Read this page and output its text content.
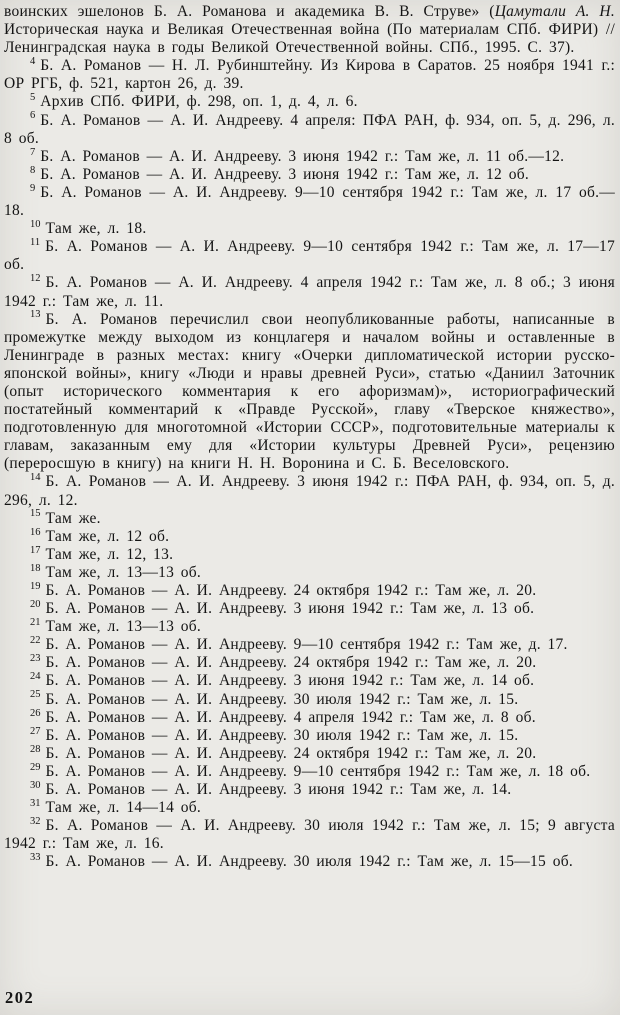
воинских эшелонов Б. А. Романова и академика В. В. Струве» (Цамутали А. Н. Историческая наука и Великая Отечественная война (По материалам СПб. ФИРИ) // Ленинградская наука в годы Великой Отечественной войны. СПб., 1995. С. 37).

$^4$ Б. А. Романов — Н. Л. Рубинштейну. Из Кирова в Саратов. 25 ноября 1941 г.: ОР РГБ, ф. 521, картон 26, д. 39.

$^5$ Архив СПб. ФИРИ, ф. 298, оп. 1, д. 4, л. 6.

$^6$ Б. А. Романов — А. И. Андрееву. 4 апреля: ПФА РАН, ф. 934, оп. 5, д. 296, л. 8 об.

$^7$ Б. А. Романов — А. И. Андрееву. 3 июня 1942 г.: Там же, л. 11 об.—12.

$^8$ Б. А. Романов — А. И. Андрееву. 3 июня 1942 г.: Там же, л. 12 об.

$^9$ Б. А. Романов — А. И. Андрееву. 9—10 сентября 1942 г.: Там же, л. 17 об.—18.

$^{10}$ Там же, л. 18.

$^{11}$ Б. А. Романов — А. И. Андрееву. 9—10 сентября 1942 г.: Там же, л. 17—17 об.

$^{12}$ Б. А. Романов — А. И. Андрееву. 4 апреля 1942 г.: Там же, л. 8 об.; 3 июня 1942 г.: Там же, л. 11.

$^{13}$ Б. А. Романов перечислил свои неопубликованные работы, написанные в промежутке между выходом из концлагеря и началом войны и оставленные в Ленинграде в разных местах: книгу «Очерки дипломатической истории русско-японской войны», книгу «Люди и нравы древней Руси», статью «Даниил Заточник (опыт исторического комментария к его афоризмам)», историографический постатейный комментарий к «Правде Русской», главу «Тверское княжество», подготовленную для многотомной «Истории СССР», подготовительные материалы к главам, заказанным ему для «Истории культуры Древней Руси», рецензию (переросшую в книгу) на книги Н. Н. Воронина и С. Б. Веселовского.

$^{14}$ Б. А. Романов — А. И. Андрееву. 3 июня 1942 г.: ПФА РАН, ф. 934, оп. 5, д. 296, л. 12.

$^{15}$ Там же.

$^{16}$ Там же, л. 12 об.

$^{17}$ Там же, л. 12, 13.

$^{18}$ Там же, л. 13—13 об.

$^{19}$ Б. А. Романов — А. И. Андрееву. 24 октября 1942 г.: Там же, л. 20.

$^{20}$ Б. А. Романов — А. И. Андрееву. 3 июня 1942 г.: Там же, л. 13 об.

$^{21}$ Там же, л. 13—13 об.

$^{22}$ Б. А. Романов — А. И. Андрееву. 9—10 сентября 1942 г.: Там же, д. 17.

$^{23}$ Б. А. Романов — А. И. Андрееву. 24 октября 1942 г.: Там же, л. 20.

$^{24}$ Б. А. Романов — А. И. Андрееву. 3 июня 1942 г.: Там же, л. 14 об.

$^{25}$ Б. А. Романов — А. И. Андрееву. 30 июля 1942 г.: Там же, л. 15.

$^{26}$ Б. А. Романов — А. И. Андрееву. 4 апреля 1942 г.: Там же, л. 8 об.

$^{27}$ Б. А. Романов — А. И. Андрееву. 30 июля 1942 г.: Там же, л. 15.

$^{28}$ Б. А. Романов — А. И. Андрееву. 24 октября 1942 г.: Там же, л. 20.

$^{29}$ Б. А. Романов — А. И. Андрееву. 9—10 сентября 1942 г.: Там же, л. 18 об.

$^{30}$ Б. А. Романов — А. И. Андрееву. 3 июня 1942 г.: Там же, л. 14.

$^{31}$ Там же, л. 14—14 об.

$^{32}$ Б. А. Романов — А. И. Андрееву. 30 июля 1942 г.: Там же, л. 15; 9 августа 1942 г.: Там же, л. 16.

$^{33}$ Б. А. Романов — А. И. Андрееву. 30 июля 1942 г.: Там же, л. 15—15 об.

202
